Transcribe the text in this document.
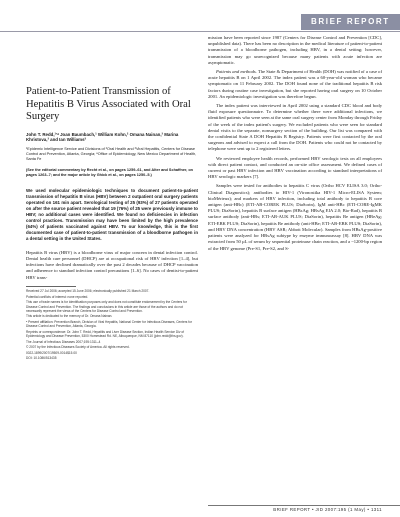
BRIEF REPORT
Patient-to-Patient Transmission of Hepatitis B Virus Associated with Oral Surgery

John T. Redd,¹ʼᵃ Joan Baumbach,¹ William Kohn,² Omana Nainan,³ Marina Khristova,³ and Ian Williams³

¹Epidemic Intelligence Service and Divisions of ²Oral Health and ³Viral Hepatitis, Centers for Disease Control and Prevention, Atlanta, Georgia; ᵃOffice of Epidemiology, New Mexico Department of Health, Santa Fe

(See the editorial commentary by Recht et al., on pages 1259–61, and Alter and Schaffner, on pages 1263–7; and the major article by Ghick et al., on pages 1250–5.)

We used molecular epidemiologic techniques to document patient-to-patient transmission of hepatitis B virus (HBV) between 2 outpatient oral surgery patients operated on 161 min apart. Serological testing of 25 (93%) of 27 patients operated on after the source patient revealed that 19 (76%) of 25 were previously immune to HBV; no additional cases were identified. We found no deficiencies in infection control practices. Transmission may have been limited by the high prevalence (64%) of patients vaccinated against HBV. To our knowledge, this is the first documented case of patient-to-patient transmission of a bloodborne pathogen in a dental setting in the United States.

Hepatitis B virus (HBV) is a bloodborne virus of major concern in dental infection control. Dental health care personnel (DHCP) are at occupational risk of HBV infection [1–4], but infections have declined dramatically over the past 2 decades because of DHCP vaccination and adherence to standard infection control precautions [1–6]. No cases of dentist-to-patient HBV trans-

Received 27 Jul 2006; accepted 15 June 2006; electronically published 21 March 2007.

Potential conflicts of interest: none reported.

This use of trade names is for identification purposes only and does not constitute endorsement by the Centers for Disease Control and Prevention. The findings and conclusions in this article are those of the authors and do not necessarily represent the views of the Centers for Disease Control and Prevention.

This article is dedicated to the memory of Dr. Omana Nainan.

ᵃ Present affiliation: Prevention Branch, Division of Viral Hepatitis, National Center for Infectious Diseases, Centers for Disease Control and Prevention, Atlanta, Georgia.

Reprints or correspondence: Dr. John T. Redd, Hepatitis and Liver Disease Section, Indian Health Service Div of Epidemiology and Disease Prevention, 5300 Homestead Rd. NE, Albuquerque, NM 87110 (john.redd@ihs.gov).

The Journal of Infectious Diseases 2007;195:1311–4

© 2007 by the Infectious Diseases Society of America. All rights reserved.

0022-1899/2007/19509-0014$15.00

DOI: 10.1086/513435

mission have been reported since 1987 (Centers for Disease Control and Prevention [CDC], unpublished data). There has been no description in the medical literature of patient-to-patient transmission of a bloodborne pathogen, including HBV, in a dental setting; however, transmission may go unrecognized because many patients with acute infection are asymptomatic.

Patients and methods. The State & Department of Health (DOH) was notified of a case of acute hepatitis B on 1 April 2002. The index patient was a 60-year-old woman who became symptomatic on 11 February 2002. The DOH found none of the traditional hepatitis B risk factors during routine case investigation, but she reported having oral surgery on 10 October 2001. An epidemiologic investigation was therefore begun.

The index patient was interviewed in April 2002 using a standard CDC blood and body fluid exposure questionnaire. To determine whether there were additional infections, we identified patients who were seen at the same oral surgery center from Monday through Friday of the week of the index patient's surgery. We excluded patients who were seen for standard dental visits to the separate, nonsurgery section of the building. Our list was compared with the confidential State A DOH Hepatitis B Registry. Patients were first contacted by the oral surgeons and advised to expect a call from the DOH. Patients who could not be contacted by telephone were sent up to 2 registered letters.

We reviewed employee health records, performed HBV serologic tests on all employees with direct patient contact, and conducted an on-site office assessment. We defined cases of current or past HBV infection and HBV vaccination according to standard interpretations of HBV serologic markers [7].

Samples were tested for antibodies to hepatitis C virus (Ortho HCV ELISA 3.0; Ortho-Clinical Diagnostics); antibodies to HIV-1 (Vironostika HIV-1 Micro-ELISA System; bioMérieux); and markers of HBV infection, including total antibody to hepatitis B core antigen (anti-HBc) (ETI-AB-COREK PLUS; DiaSorin), IgM anti-HBc (ETI-CORE-IgMK PLUS; DiaSorin), hepatitis B surface antigen (HBsAg; HBsAg EIA 2.0; Bio-Rad), hepatitis B surface antibody (anti-HBs; ETI-AB-AUK PLUS; DiaSorin), hepatitis Be antigen (HBeAg; ETI-EBK PLUS; DiaSorin), hepatitis Be antibody (anti-HBe; ETI-AB-EBK PLUS; DiaSorin), and HBV DNA concentration (HBV ASR; Abbott Molecular). Samples from HBsAg-positive patients were analyzed for HBsAg subtype by enzyme immunoassay [8]. HBV DNA was extracted from 50 µL of serum by sequential proteinase chain reaction, and a ~1200-bp region of the HBV genome (Pre-S1, Pre-S2, and S-

BRIEF REPORT • JID 2007:195 (1 May) • 1311
